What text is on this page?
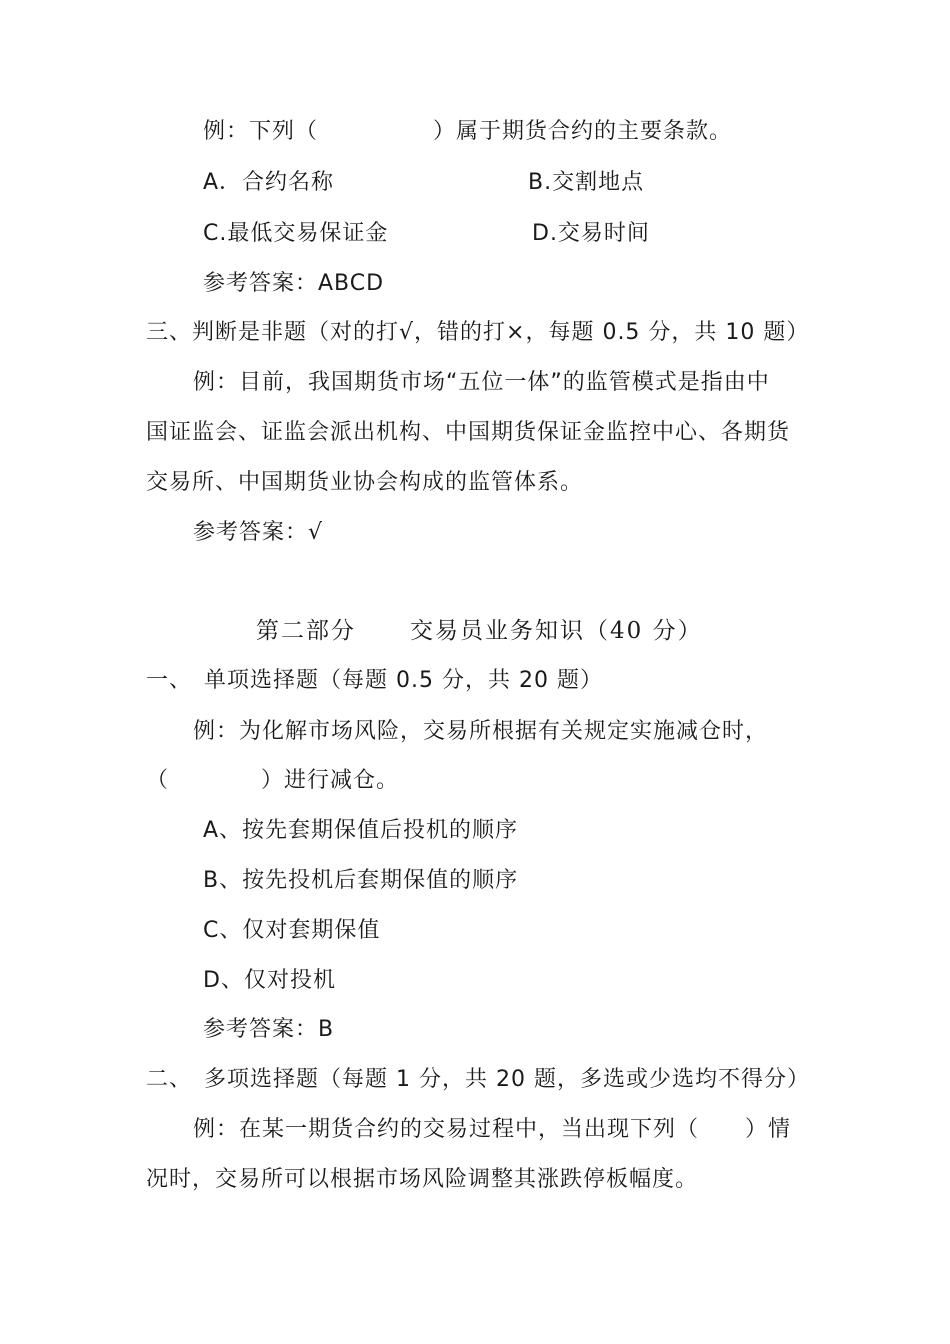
例：下列（　　　　　）属于期货合约的主要条款。
A．合约名称	B.交割地点
C.最低交易保证金	D.交易时间
参考答案：ABCD
三、判断是非题（对的打√，错的打×，每题 0.5 分，共 10 题）
例：目前，我国期货市场“五位一体”的监管模式是指由中
国证监会、证监会派出机构、中国期货保证金监控中心、各期货
交易所、中国期货业协会构成的监管体系。
参考答案：√
第二部分 交易员业务知识（40 分）
一、　单项选择题（每题 0.5 分，共 20 题）
例：为化解市场风险，交易所根据有关规定实施减仓时，
（　　　　）进行减仓。
A、按先套期保值后投机的顺序
B、按先投机后套期保值的顺序
C、仅对套期保值
D、仅对投机
参考答案：B
二、　多项选择题（每题 1 分，共 20 题，多选或少选均不得分）
例：在某一期货合约的交易过程中，当出现下列（　　）情
况时，交易所可以根据市场风险调整其涨跌停板幅度。
